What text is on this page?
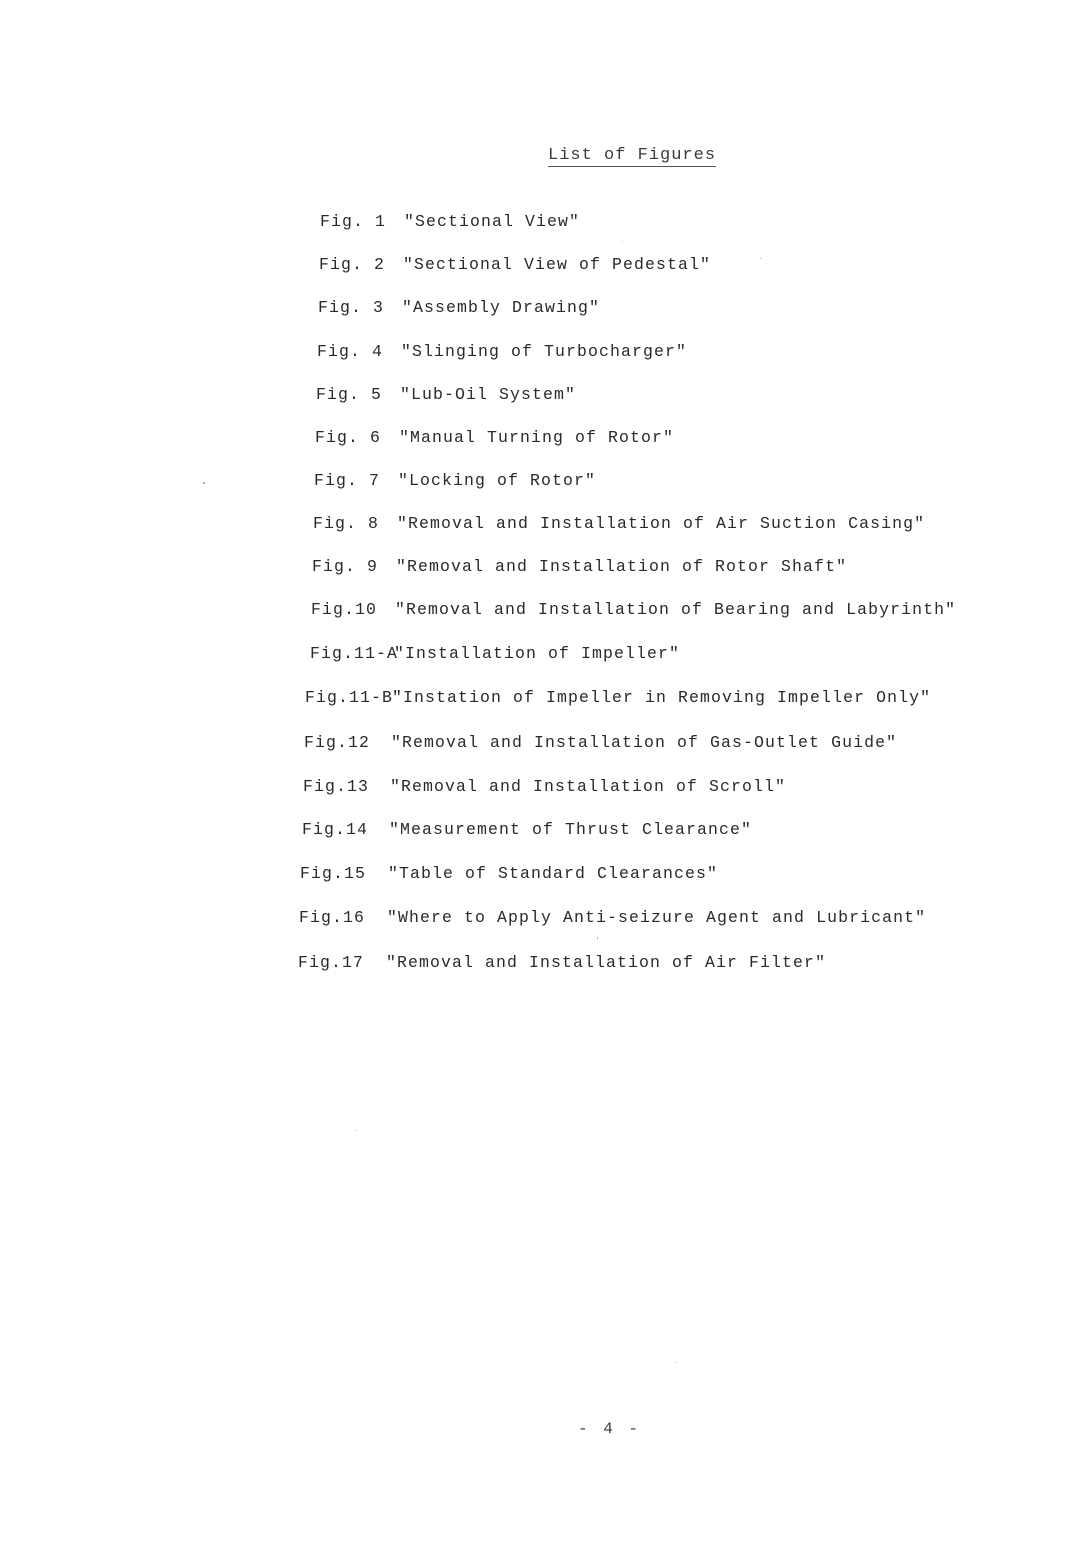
List of Figures
Fig. 1 "Sectional View"
Fig. 2 "Sectional View of Pedestal"
Fig. 3 "Assembly Drawing"
Fig. 4 "Slinging of Turbocharger"
Fig. 5 "Lub-Oil System"
Fig. 6 "Manual Turning of Rotor"
Fig. 7 "Locking of Rotor"
Fig. 8 "Removal and Installation of Air Suction Casing"
Fig. 9 "Removal and Installation of Rotor Shaft"
Fig.10 "Removal and Installation of Bearing and Labyrinth"
Fig.11-A
"Installation of Impeller"
Fig.11-B
"Instation of Impeller in Removing Impeller Only"
Fig.12 "Removal and Installation of Gas-Outlet Guide"
Fig.13 "Removal and Installation of Scroll"
Fig.14 "Measurement of Thrust Clearance"
Fig.15 "Table of Standard Clearances"
Fig.16 "Where to Apply Anti-seizure Agent and Lubricant"
Fig.17 "Removal and Installation of Air Filter"
- 4 -
